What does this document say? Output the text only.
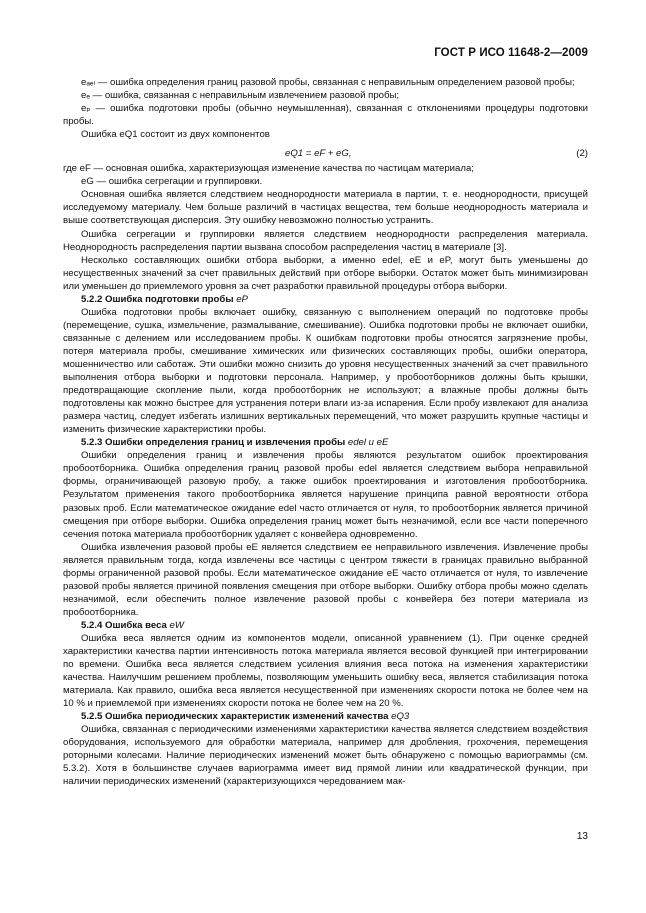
ГОСТ Р ИСО 11648-2—2009

eₐₑₗ — ошибка определения границ разовой пробы, связанная с неправильным определением разовой пробы;

eₑ — ошибка, связанная с неправильным извлечением разовой пробы;

eₚ — ошибка подготовки пробы (обычно неумышленная), связанная с отклонениями процедуры подготовки пробы.

Ошибка eQ1 состоит из двух компонентов

eQ1 = eF + eG,	(2)

где eF — основная ошибка, характеризующая изменение качества по частицам материала;

eG — ошибка сегрегации и группировки.

Основная ошибка является следствием неоднородности материала в партии, т. е. неоднородности, присущей исследуемому материалу. Чем больше различий в частицах вещества, тем больше неоднородность материала и выше соответствующая дисперсия. Эту ошибку невозможно полностью устранить.

Ошибка сегрегации и группировки является следствием неоднородности распределения материала. Неоднородность распределения партии вызвана способом распределения частиц в материале [3].

Несколько составляющих ошибки отбора выборки, а именно edel, eE и eP, могут быть уменьшены до несущественных значений за счет правильных действий при отборе выборки. Остаток может быть минимизирован или уменьшен до приемлемого уровня за счет разработки правильной процедуры отбора выборки.

5.2.2 Ошибка подготовки пробы eP

Ошибка подготовки пробы включает ошибку, связанную с выполнением операций по подготовке пробы (перемещение, сушка, измельчение, размалывание, смешивание). Ошибка подготовки пробы не включает ошибки, связанные с делением или исследованием пробы. К ошибкам подготовки пробы относятся загрязнение пробы, потеря материала пробы, смешивание химических или физических составляющих пробы, ошибки оператора, мошенничество или саботаж. Эти ошибки можно снизить до уровня несущественных значений за счет правильного выполнения отбора выборки и подготовки персонала. Например, у пробоотборников должны быть крышки, предотвращающие скопление пыли, когда пробоотборник не используют; а влажные пробы должны быть подготовлены как можно быстрее для устранения потери влаги из-за испарения. Если пробу извлекают для анализа размера частиц, следует избегать излишних вертикальных перемещений, что может разрушить крупные частицы и изменить физические характеристики пробы.

5.2.3 Ошибки определения границ и извлечения пробы edel и eE

Ошибки определения границ и извлечения пробы являются результатом ошибок проектирования пробоотборника. Ошибка определения границ разовой пробы edel является следствием выбора неправильной формы, ограничивающей разовую пробу, а также ошибок проектирования и изготовления пробоотборника. Результатом применения такого пробоотборника является нарушение принципа равной вероятности отбора разовых проб. Если математическое ожидание edel часто отличается от нуля, то пробоотборник является причиной смещения при отборе выборки. Ошибка определения границ может быть незначимой, если все части поперечного сечения потока материала пробоотборник удаляет с конвейера одновременно.

Ошибка извлечения разовой пробы eE является следствием ее неправильного извлечения. Извлечение пробы является правильным тогда, когда извлечены все частицы с центром тяжести в границах правильно выбранной формы ограниченной разовой пробы. Если математическое ожидание eE часто отличается от нуля, то извлечение разовой пробы является причиной появления смещения при отборе выборки. Ошибку отбора пробы можно сделать незначимой, если обеспечить полное извлечение разовой пробы с конвейера без потери материала из пробоотборника.

5.2.4 Ошибка веса eW

Ошибка веса является одним из компонентов модели, описанной уравнением (1). При оценке средней характеристики качества партии интенсивность потока материала является весовой функцией при интегрировании по времени. Ошибка веса является следствием усиления влияния веса потока на изменения характеристики качества. Наилучшим решением проблемы, позволяющим уменьшить ошибку веса, является стабилизация потока материала. Как правило, ошибка веса является несущественной при изменениях скорости потока не более чем на 10 % и приемлемой при изменениях скорости потока не более чем на 20 %.

5.2.5 Ошибка периодических характеристик изменений качества eQ3

Ошибка, связанная с периодическими изменениями характеристики качества является следствием воздействия оборудования, используемого для обработки материала, например для дробления, грохочения, перемещения роторными колесами. Наличие периодических изменений может быть обнаружено с помощью вариограммы (см. 5.3.2). Хотя в большинстве случаев вариограмма имеет вид прямой линии или квадратической функции, при наличии периодических изменений (характеризующихся чередованием мак-

13
